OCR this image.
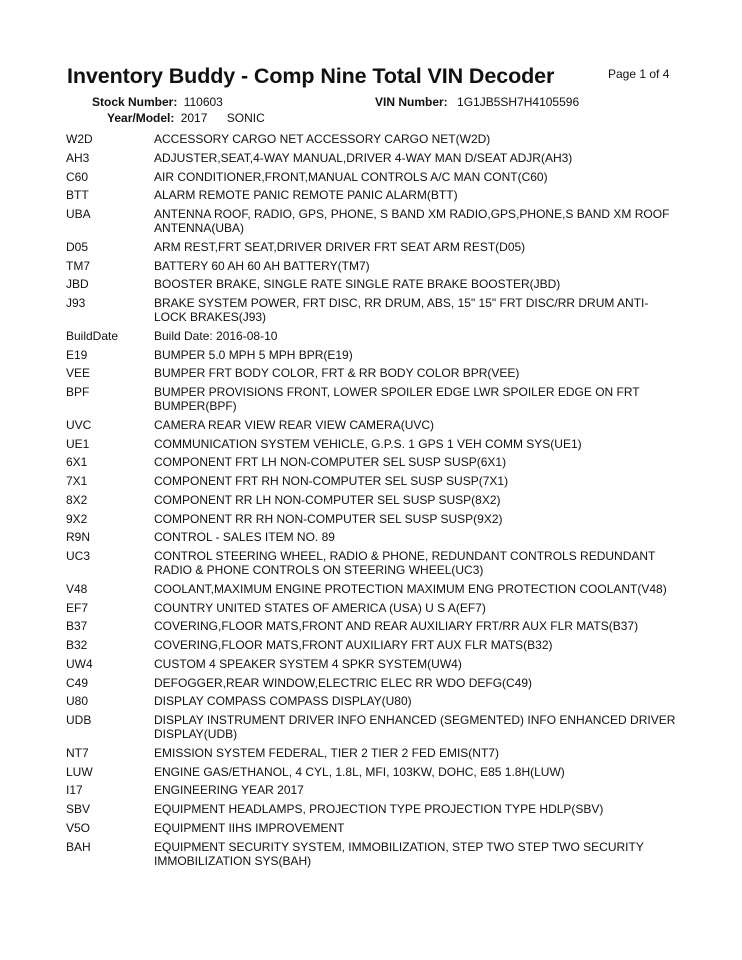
Inventory Buddy - Comp Nine Total VIN Decoder	Page 1 of 4
Stock Number: 110603	VIN Number: 1G1JB5SH7H4105596
Year/Model: 2017 SONIC
W2D	ACCESSORY CARGO NET ACCESSORY CARGO NET(W2D)
AH3	ADJUSTER,SEAT,4-WAY MANUAL,DRIVER 4-WAY MAN D/SEAT ADJR(AH3)
C60	AIR CONDITIONER,FRONT,MANUAL CONTROLS A/C MAN CONT(C60)
BTT	ALARM REMOTE PANIC REMOTE PANIC ALARM(BTT)
UBA	ANTENNA ROOF, RADIO, GPS, PHONE, S BAND XM RADIO,GPS,PHONE,S BAND XM ROOF ANTENNA(UBA)
D05	ARM REST,FRT SEAT,DRIVER DRIVER FRT SEAT ARM REST(D05)
TM7	BATTERY 60 AH 60 AH BATTERY(TM7)
JBD	BOOSTER BRAKE, SINGLE RATE SINGLE RATE BRAKE BOOSTER(JBD)
J93	BRAKE SYSTEM POWER, FRT DISC, RR DRUM, ABS, 15" 15" FRT DISC/RR DRUM ANTI-LOCK BRAKES(J93)
BuildDate	Build Date: 2016-08-10
E19	BUMPER 5.0 MPH 5 MPH BPR(E19)
VEE	BUMPER FRT BODY COLOR, FRT & RR BODY COLOR BPR(VEE)
BPF	BUMPER PROVISIONS FRONT, LOWER SPOILER EDGE LWR SPOILER EDGE ON FRT BUMPER(BPF)
UVC	CAMERA REAR VIEW REAR VIEW CAMERA(UVC)
UE1	COMMUNICATION SYSTEM VEHICLE, G.P.S. 1 GPS 1 VEH COMM SYS(UE1)
6X1	COMPONENT FRT LH NON-COMPUTER SEL SUSP SUSP(6X1)
7X1	COMPONENT FRT RH NON-COMPUTER SEL SUSP SUSP(7X1)
8X2	COMPONENT RR LH NON-COMPUTER SEL SUSP SUSP(8X2)
9X2	COMPONENT RR RH NON-COMPUTER SEL SUSP SUSP(9X2)
R9N	CONTROL - SALES ITEM NO. 89
UC3	CONTROL STEERING WHEEL, RADIO & PHONE, REDUNDANT CONTROLS REDUNDANT RADIO & PHONE CONTROLS ON STEERING WHEEL(UC3)
V48	COOLANT,MAXIMUM ENGINE PROTECTION MAXIMUM ENG PROTECTION COOLANT(V48)
EF7	COUNTRY UNITED STATES OF AMERICA (USA) U S A(EF7)
B37	COVERING,FLOOR MATS,FRONT AND REAR AUXILIARY FRT/RR AUX FLR MATS(B37)
B32	COVERING,FLOOR MATS,FRONT AUXILIARY FRT AUX FLR MATS(B32)
UW4	CUSTOM 4 SPEAKER SYSTEM 4 SPKR SYSTEM(UW4)
C49	DEFOGGER,REAR WINDOW,ELECTRIC ELEC RR WDO DEFG(C49)
U80	DISPLAY COMPASS COMPASS DISPLAY(U80)
UDB	DISPLAY INSTRUMENT DRIVER INFO ENHANCED (SEGMENTED) INFO ENHANCED DRIVER DISPLAY(UDB)
NT7	EMISSION SYSTEM FEDERAL, TIER 2 TIER 2 FED EMIS(NT7)
LUW	ENGINE GAS/ETHANOL, 4 CYL, 1.8L, MFI, 103KW, DOHC, E85 1.8H(LUW)
I17	ENGINEERING YEAR 2017
SBV	EQUIPMENT HEADLAMPS, PROJECTION TYPE PROJECTION TYPE HDLP(SBV)
V5O	EQUIPMENT IIHS IMPROVEMENT
BAH	EQUIPMENT SECURITY SYSTEM, IMMOBILIZATION, STEP TWO STEP TWO SECURITY IMMOBILIZATION SYS(BAH)
